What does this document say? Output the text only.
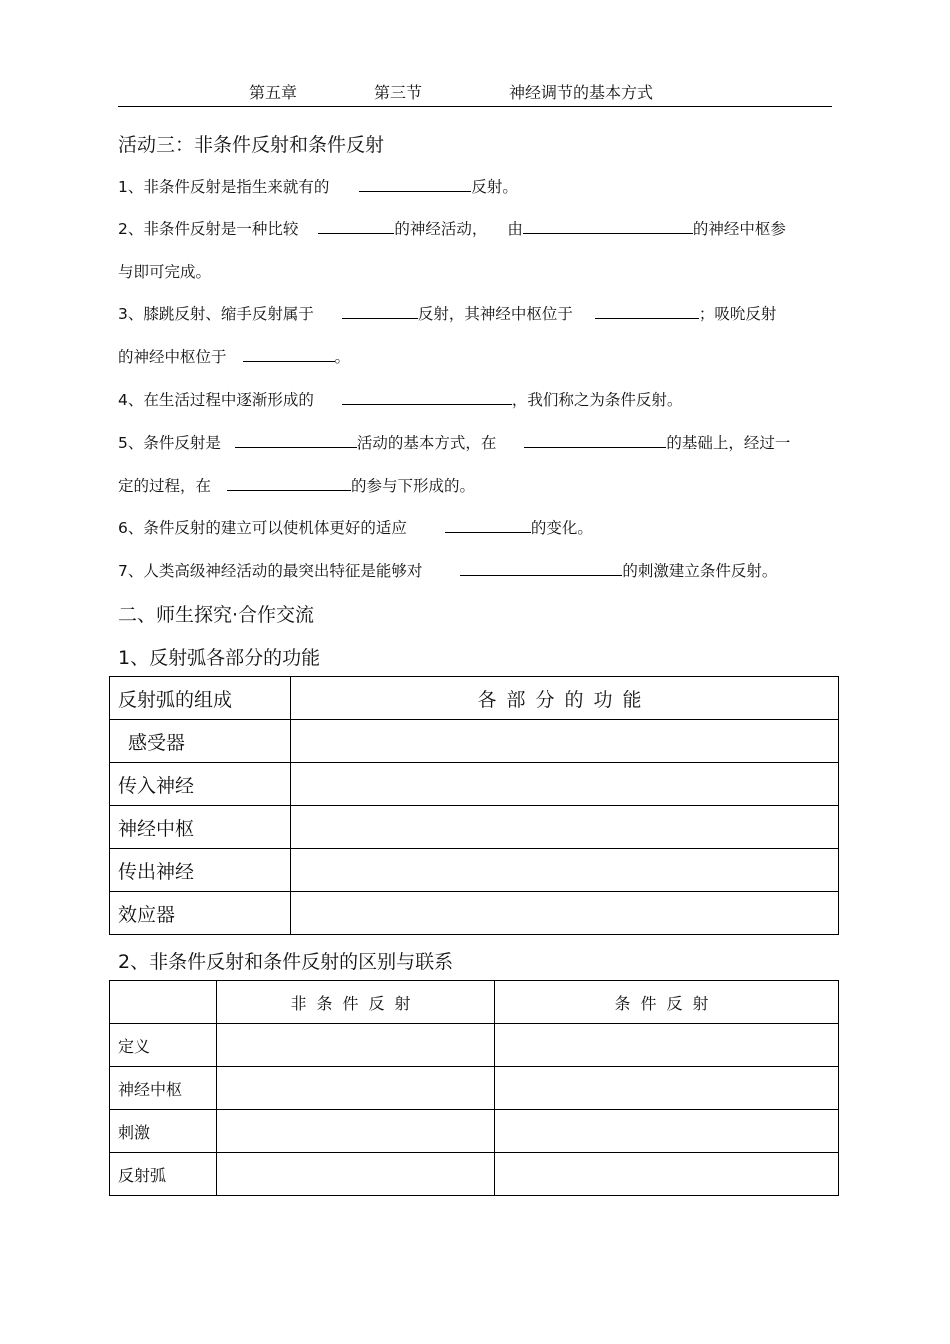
第五章	第三节	神经调节的基本方式
活动三：非条件反射和条件反射
1、非条件反射是指生来就有的	反射。
2、非条件反射是一种比较	的神经活动， 由	的神经中枢参
与即可完成。
3、膝跳反射、缩手反射属于	反射，其神经中枢位于	；吸吮反射
的神经中枢位于	。
4、在生活过程中逐渐形成的	，我们称之为条件反射。
5、条件反射是	活动的基本方式，在	的基础上，经过一
定的过程，在	的参与下形成的。
6、条件反射的建立可以使机体更好的适应	的变化。
7、人类高级神经活动的最突出特征是能够对	的刺激建立条件反射。
二、师生探究·合作交流
1、反射弧各部分的功能
反射弧的组成	各部分的功能
感受器	
传入神经	
神经中枢	
传出神经	
效应器	
2、非条件反射和条件反射的区别与联系
	非条件反射	条件反射
定义		
神经中枢		
刺激		
反射弧		
